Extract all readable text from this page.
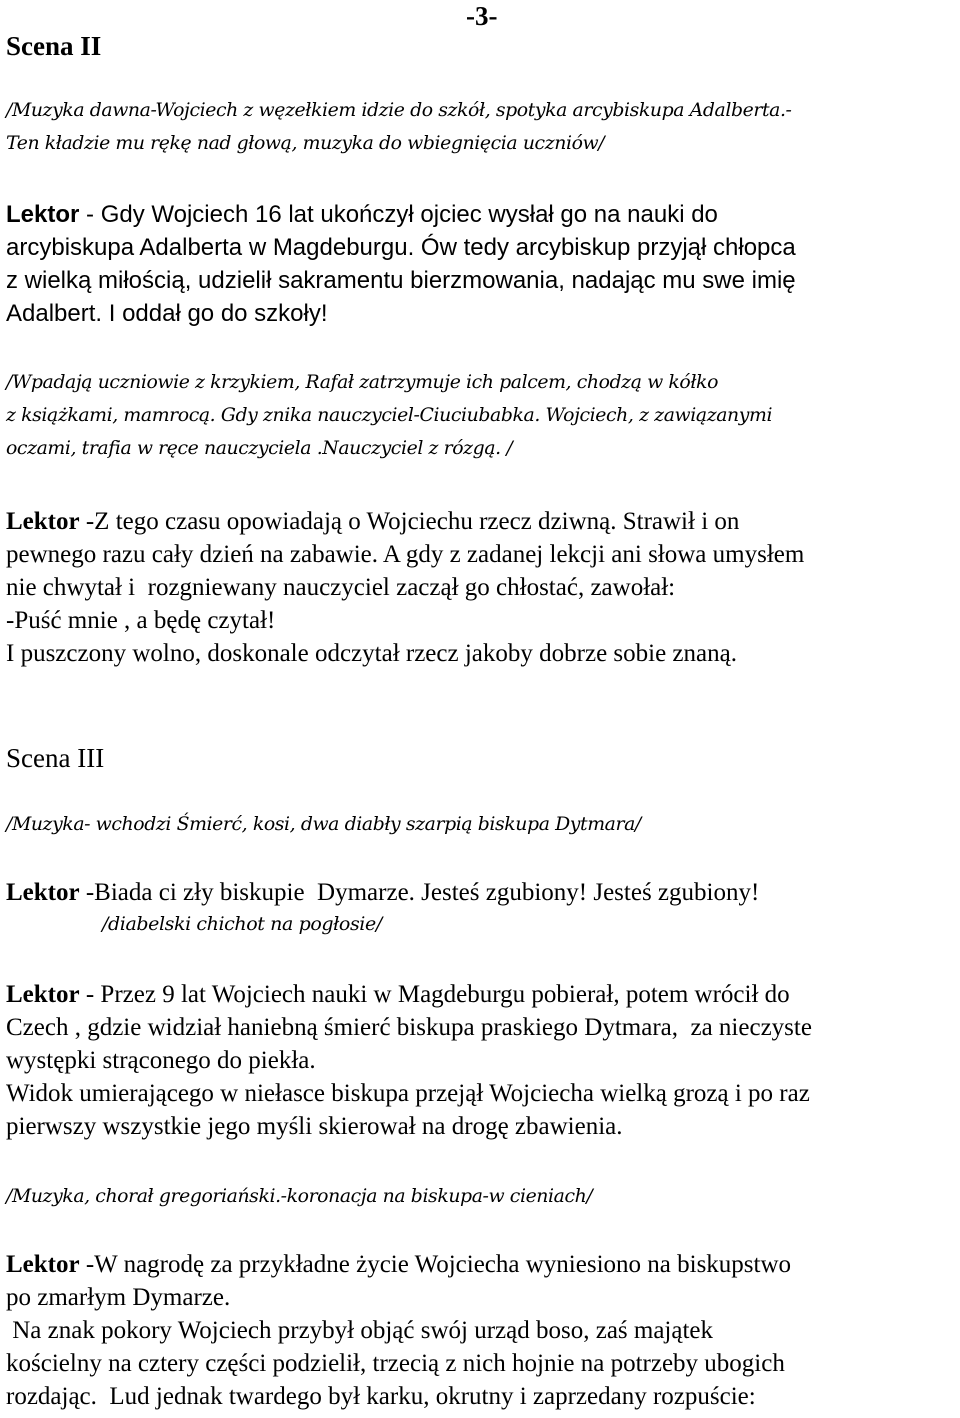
-3-
Scena II
/Muzyka dawna-Wojciech z węzełkiem idzie do szkół, spotyka arcybiskupa Adalberta.-
Ten kładzie mu rękę nad głową, muzyka do wbiegnięcia uczniów/
Lektor - Gdy Wojciech 16 lat ukończył ojciec wysłał go na nauki do
arcybiskupa Adalberta w Magdeburgu. Ów tedy arcybiskup przyjął chłopca
z wielką miłością, udzielił sakramentu bierzmowania, nadając mu swe imię
Adalbert. I oddał go do szkoły!
/Wpadają uczniowie z krzykiem, Rafał zatrzymuje ich palcem, chodzą w kółko
z książkami, mamrocą. Gdy znika nauczyciel-Ciuciubabka. Wojciech, z zawiązanymi
oczami, trafia w ręce nauczyciela .Nauczyciel z rózgą. /
Lektor -Z tego czasu opowiadają o Wojciechu rzecz dziwną. Strawił i on
pewnego razu cały dzień na zabawie. A gdy z zadanej lekcji ani słowa umysłem
nie chwytał i  rozgniewany nauczyciel zaczął go chłostać, zawołał:
-Puść mnie , a będę czytał!
I puszczony wolno, doskonale odczytał rzecz jakoby dobrze sobie znaną.
Scena III
/Muzyka- wchodzi Śmierć, kosi, dwa diabły szarpią biskupa Dytmara/
Lektor -Biada ci zły biskupie  Dymarze. Jesteś zgubiony! Jesteś zgubiony!
/diabelski chichot na pogłosie/
Lektor - Przez 9 lat Wojciech nauki w Magdeburgu pobierał, potem wrócił do
Czech , gdzie widział haniebną śmierć biskupa praskiego Dytmara,  za nieczyste
występki strąconego do piekła.
Widok umierającego w niełasce biskupa przejął Wojciecha wielką grozą i po raz
pierwszy wszystkie jego myśli skierował na drogę zbawienia.
/Muzyka, chorał gregoriański.-koronacja na biskupa-w cieniach/
Lektor -W nagrodę za przykładne życie Wojciecha wyniesiono na biskupstwo
po zmarłym Dymarze.
Na znak pokory Wojciech przybył objąć swój urząd boso, zaś majątek
kościelny na cztery części podzielił, trzecią z nich hojnie na potrzeby ubogich
rozdając.  Lud jednak twardego był karku, okrutny i zaprzedany rozpuście:
